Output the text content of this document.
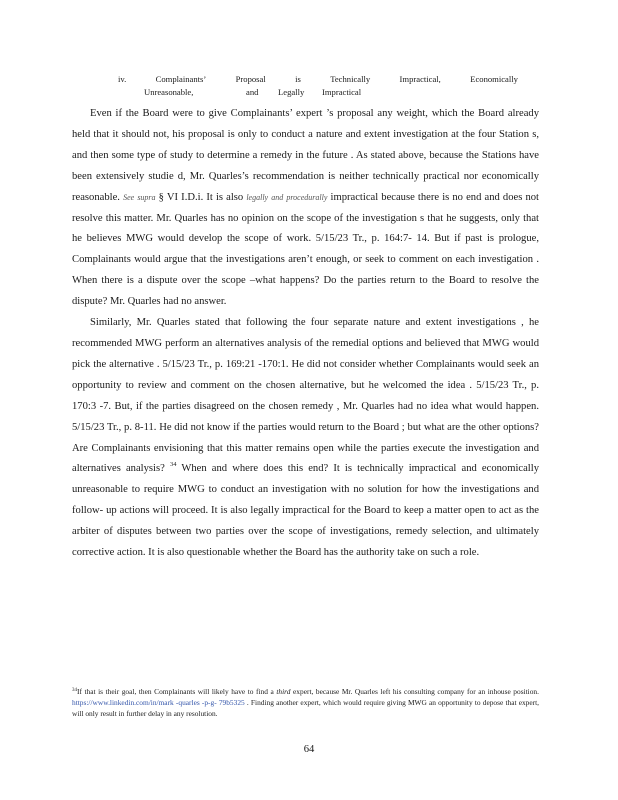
iv.	Complainants’	Proposal	is	Technically	Impractical,	Economically
Unreasonable,	and	Legally	Impractical

Even if the Board were to give Complainants’ expert ’s proposal any weight, which the Board already held that it should not, his proposal is only to conduct a nature and extent investigation at the four Station s, and then some type of study to determine a remedy in the future . As stated above, because the Stations have been extensively studie d, Mr. Quarles’s recommendation is neither technically practical nor economically reasonable. See supra § VI I.D.i. It is also legally and procedurally impractical because there is no end and does not resolve this matter. Mr. Quarles has no opinion on the scope of the investigation s that he suggests, only that he believes MWG would develop the scope of work. 5/15/23 Tr., p. 164:7- 14. But if past is prologue, Complainants would argue that the investigations aren’t enough, or seek to comment on each investigation . When there is a dispute over the scope –what happens? Do the parties return to the Board to resolve the dispute? Mr. Quarles had no answer.

Similarly, Mr. Quarles stated that following the four separate nature and extent investigations , he recommended MWG perform an alternatives analysis of the remedial options and believed that MWG would pick the alternative . 5/15/23 Tr., p. 169:21 -170:1. He did not consider whether Complainants would seek an opportunity to review and comment on the chosen alternative, but he welcomed the idea . 5/15/23 Tr., p. 170:3 -7. But, if the parties disagreed on the chosen remedy , Mr. Quarles had no idea what would happen. 5/15/23 Tr., p. 8-11. He did not know if the parties would return to the Board ; but what are the other options? Are Complainants envisioning that this matter remains open while the parties execute the investigation and alternatives analysis? $^{34}$ When and where does this end? It is technically impractical and economically unreasonable to require MWG to conduct an investigation with no solution for how the investigations and follow- up actions will proceed. It is also legally impractical for the Board to keep a matter open to act as the arbiter of disputes between two parties over the scope of investigations, remedy selection, and ultimately corrective action. It is also questionable whether the Board has the authority take on such a role.

$^{34}$If that is their goal, then Complainants will likely have to find a third expert, because Mr. Quarles left his consulting company for an inhouse position. https://www.linkedin.com/in/mark -quarles -p-g- 79b5325 . Finding another expert, which would require giving MWG an opportunity to depose that expert, will only result in further delay in any resolution.
64
